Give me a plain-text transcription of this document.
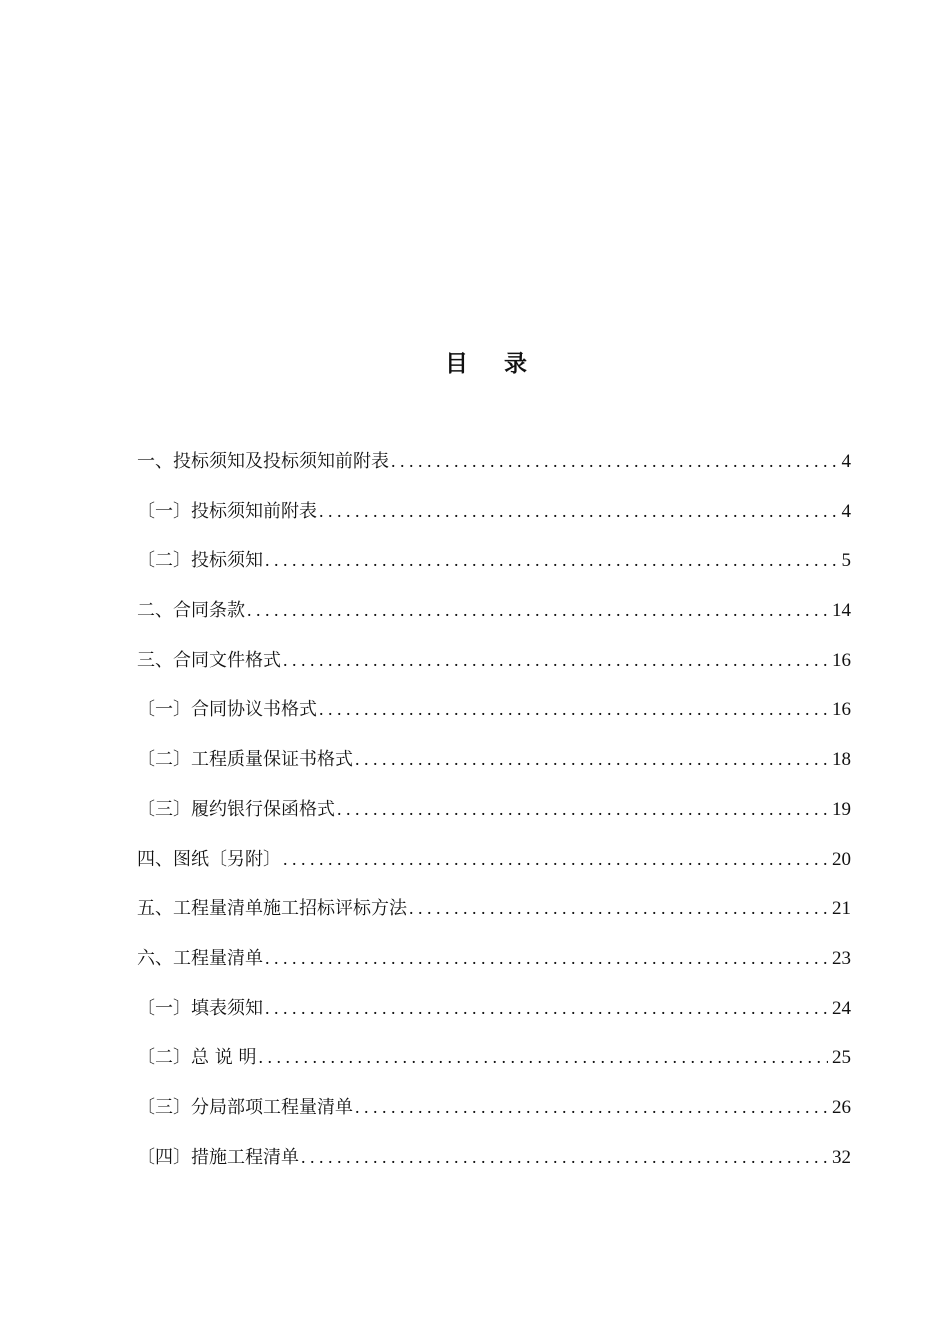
目 录
一、投标须知及投标须知前附表 . . .	4
〔一〕投标须知前附表 . . .	4
〔二〕投标须知 . . .	5
二、合同条款 . . .	14
三、合同文件格式 . . .	16
〔一〕合同协议书格式 . . .	16
〔二〕工程质量保证书格式 . . .	18
〔三〕履约银行保函格式 . . .	19
四、图纸〔另附〕 . . .	20
五、工程量清单施工招标评标方法 . . .	21
六、工程量清单 . . .	23
〔一〕填表须知 . . .	24
〔二〕总 说 明 . . .	25
〔三〕分局部项工程量清单 . . .	26
〔四〕措施工程清单 . . .	32
